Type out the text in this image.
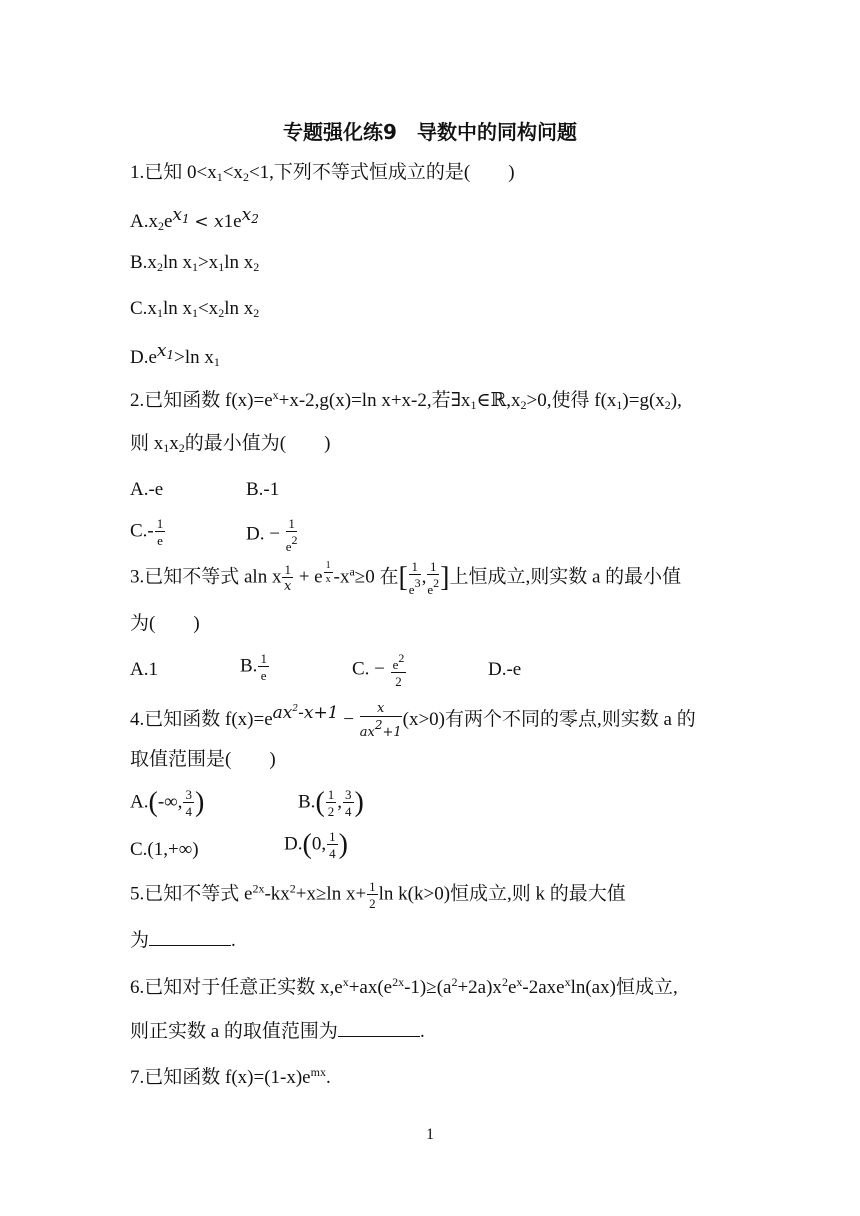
专题强化练9　导数中的同构问题
1.已知 $0<x_1<x_2<1$,下列不等式恒成立的是(　　)
$A.x_2e^{x_1} < x1e^{x_2}$
$B.x_2\ln$ $x_1>x_1\ln$ $x_2$
$C.x_1\ln$ $x_1<x_2\ln$ $x_2$
$D.e^{x_1}>\ln$ $x_1$
2.已知函数 $f(x)=e^x+x-2,g(x)=\ln$ x+x-2,若$\exists x_1\in ℝ,x_2>0$,使得 $f(x_1)=g(x_2)$,
则 $x_1x_2$的最小值为(　　)
A.-e	B.-1
$C.- \frac{1}{e}$	D. − $\frac{1}{e^2}$
3.已知不等式 aln x $\frac{1}{x} + e$ $^{\frac{1}{x}}$ $-x^a\ge 0$ 在[ $\frac{1}{e^3}$ , $\frac{1}{e^2}$ ]上恒成立,则实数 a 的最小值
为(　　)
A.1	B. $\frac{1}{e}$	C. − $\frac{e^2}{2}$	D.-e
4.已知函数 $f(x)=e^{ax^2-x+1} - \frac{x}{ax^2+1} (x>0)$有两个不同的零点,则实数 a 的
取值范围是(　　)
A.(-∞, $\frac{3}{4}$ )	$B.( \frac{1}{2}$ , $\frac{3}{4}$ )
C.(1,+∞)	D.(0, $\frac{1}{4}$ )
5.已知不等式 $e^{2x}-kx^2+x\ge\ln$ $x+ \frac{1}{2}$ ln k(k>0)恒成立,则 k 的最大值
为	.
6.已知对于任意正实数 $x,e^x+ax(e^{2x}-1)\ge(a^2+2a)x^2e^x-2axe^x\ln(ax)$恒成立,
则正实数 a 的取值范围为	.
7.已知函数 $f(x)=(1-x)e^{mx}$.
1
